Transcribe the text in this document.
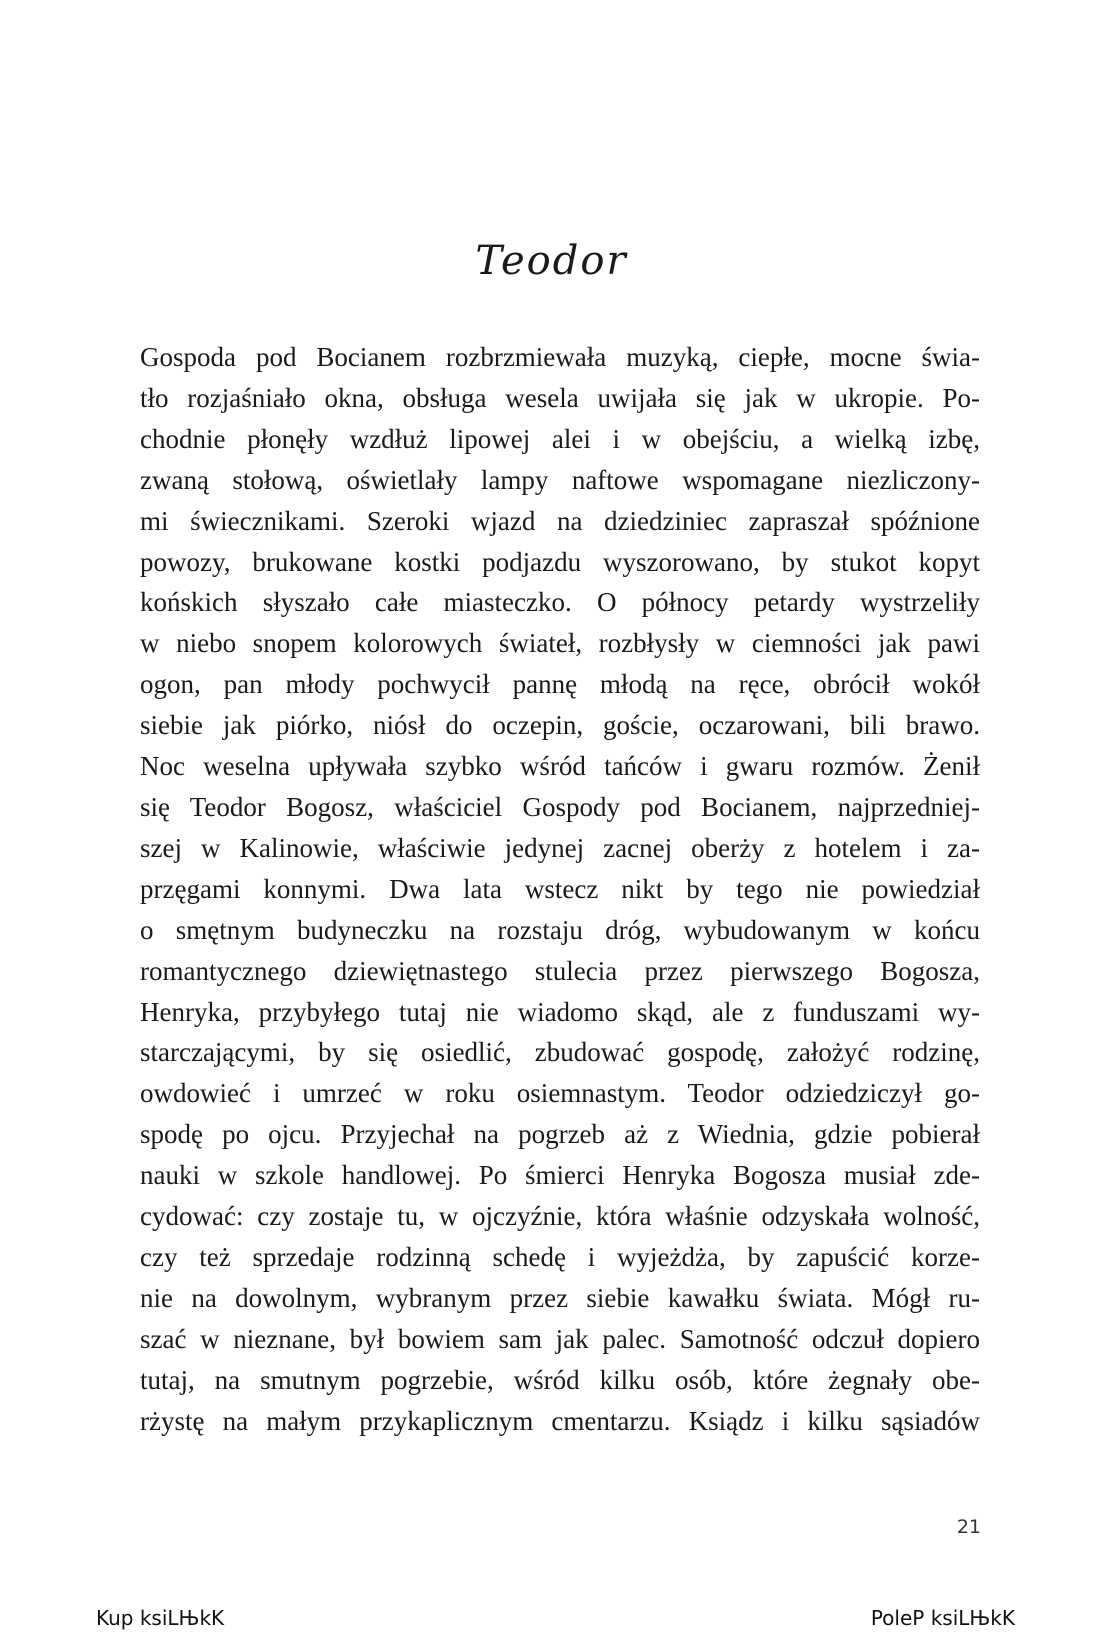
Teodor
Gospoda pod Bocianem rozbrzmiewała muzyką, ciepłe, mocne świa-
tło rozjaśniało okna, obsługa wesela uwijała się jak w ukropie. Po-
chodnie płonęły wzdłuż lipowej alei i w obejściu, a wielką izbę,
zwaną stołową, oświetlały lampy naftowe wspomagane niezliczony-
mi świecznikami. Szeroki wjazd na dziedziniec zapraszał spóźnione
powozy, brukowane kostki podjazdu wyszorowano, by stukot kopyt
końskich słyszało całe miasteczko. O północy petardy wystrzeliły
w niebo snopem kolorowych świateł, rozbłysły w ciemności jak pawi
ogon, pan młody pochwycił pannę młodą na ręce, obrócił wokół
siebie jak piórko, niósł do oczepin, goście, oczarowani, bili brawo.
Noc weselna upływała szybko wśród tańców i gwaru rozmów. Żenił
się Teodor Bogosz, właściciel Gospody pod Bocianem, najprzedniej-
szej w Kalinowie, właściwie jedynej zacnej oberży z hotelem i za-
przęgami konnymi. Dwa lata wstecz nikt by tego nie powiedział
o smętnym budyneczku na rozstaju dróg, wybudowanym w końcu
romantycznego dziewiętnastego stulecia przez pierwszego Bogosza,
Henryka, przybyłego tutaj nie wiadomo skąd, ale z funduszami wy-
starczającymi, by się osiedlić, zbudować gospodę, założyć rodzinę,
owdowieć i umrzeć w roku osiemnastym. Teodor odziedziczył go-
spodę po ojcu. Przyjechał na pogrzeb aż z Wiednia, gdzie pobierał
nauki w szkole handlowej. Po śmierci Henryka Bogosza musiał zde-
cydować: czy zostaje tu, w ojczyźnie, która właśnie odzyskała wolność,
czy też sprzedaje rodzinną schedę i wyjeżdża, by zapuścić korze-
nie na dowolnym, wybranym przez siebie kawałku świata. Mógł ru-
szać w nieznane, był bowiem sam jak palec. Samotność odczuł dopiero
tutaj, na smutnym pogrzebie, wśród kilku osób, które żegnały obe-
rżystę na małym przykaplicznym cmentarzu. Ksiądz i kilku sąsiadów
21
Kup ksiLЊkK	PoleP ksiLЊkK
